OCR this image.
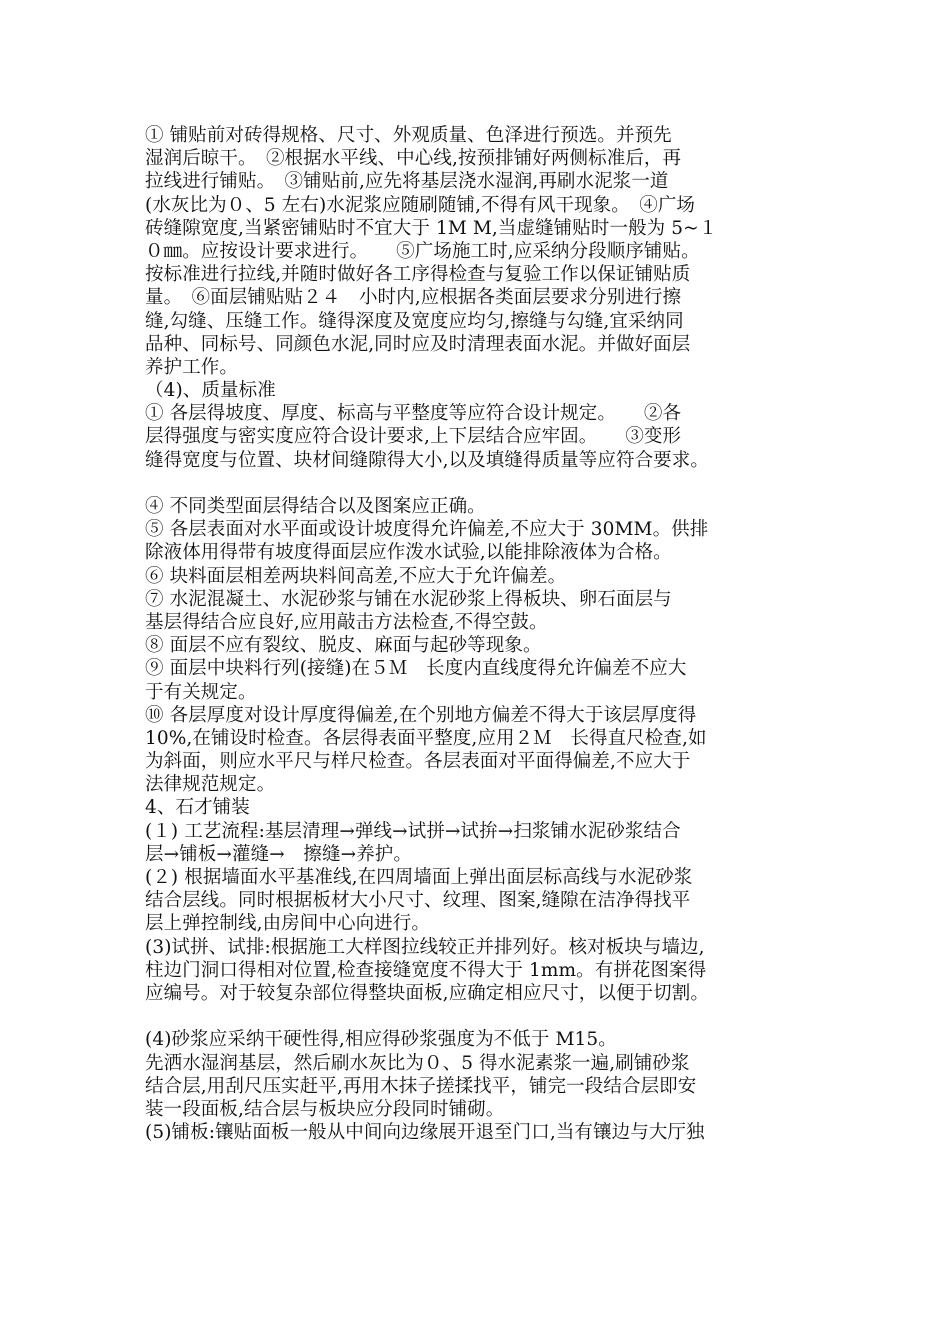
① 铺贴前对砖得规格、尺寸、外观质量、色泽进行预选。并预先
湿润后晾干。　②根据水平线、中心线,按预排铺好两侧标准后，再
拉线进行铺贴。　③铺贴前,应先将基层浇水湿润,再刷水泥浆一道
(水灰比为０、5 左右)水泥浆应随刷随铺,不得有风干现象。　④广场
砖缝隙宽度,当紧密铺贴时不宜大于 1M M,当虚缝铺贴时一般为 5~１
０㎜。应按设计要求进行。　　⑤广场施工时,应采纳分段顺序铺贴。
按标准进行拉线,并随时做好各工序得检查与复验工作以保证铺贴质
量。　⑥面层铺贴贴２４　小时内,应根据各类面层要求分别进行擦
缝,勾缝、压缝工作。缝得深度及宽度应均匀,擦缝与勾缝,宜采纳同
品种、同标号、同颜色水泥,同时应及时清理表面水泥。并做好面层
养护工作。
（4)、质量标准
① 各层得坡度、厚度、标高与平整度等应符合设计规定。　　②各
层得强度与密实度应符合设计要求,上下层结合应牢固。　　③变形
缝得宽度与位置、块材间缝隙得大小,以及填缝得质量等应符合要求。
④ 不同类型面层得结合以及图案应正确。
⑤ 各层表面对水平面或设计坡度得允许偏差,不应大于 30MM。供排
除液体用得带有坡度得面层应作泼水试验,以能排除液体为合格。
⑥ 块料面层相差两块料间高差,不应大于允许偏差。
⑦ 水泥混凝土、水泥砂浆与铺在水泥砂浆上得板块、卵石面层与
基层得结合应良好,应用敲击方法检查,不得空鼓。
⑧ 面层不应有裂纹、脱皮、麻面与起砂等现象。
⑨ 面层中块料行列(接缝)在５Ｍ　长度内直线度得允许偏差不应大
于有关规定。
⑩ 各层厚度对设计厚度得偏差,在个别地方偏差不得大于该层厚度得
10%,在铺设时检查。各层得表面平整度,应用２Ｍ　长得直尺检查,如
为斜面，则应水平尺与样尺检查。各层表面对平面得偏差,不应大于
法律规范规定。
4、石才铺装
(１) 工艺流程:基层清理→弹线→试拼→试拚→扫浆铺水泥砂浆结合
层→铺板→灌缝→　擦缝→养护。
(２) 根据墙面水平基准线,在四周墙面上弹出面层标高线与水泥砂浆
结合层线。同时根据板材大小尺寸、纹理、图案,缝隙在洁净得找平
层上弹控制线,由房间中心向进行。
(3)试拼、试排:根据施工大样图拉线较正并排列好。核对板块与墙边,
柱边门洞口得相对位置,检查接缝宽度不得大于 1mm。有拼花图案得
应编号。对于较复杂部位得整块面板,应确定相应尺寸，以便于切割。
(4)砂浆应采纳干硬性得,相应得砂浆强度为不低于 M15。
先洒水湿润基层，然后刷水灰比为０、5 得水泥素浆一遍,刷铺砂浆
结合层,用刮尺压实赶平,再用木抹子搓揉找平，铺完一段结合层即安
装一段面板,结合层与板块应分段同时铺砌。
(5)铺板:镶贴面板一般从中间向边缘展开退至门口,当有镶边与大厅独
